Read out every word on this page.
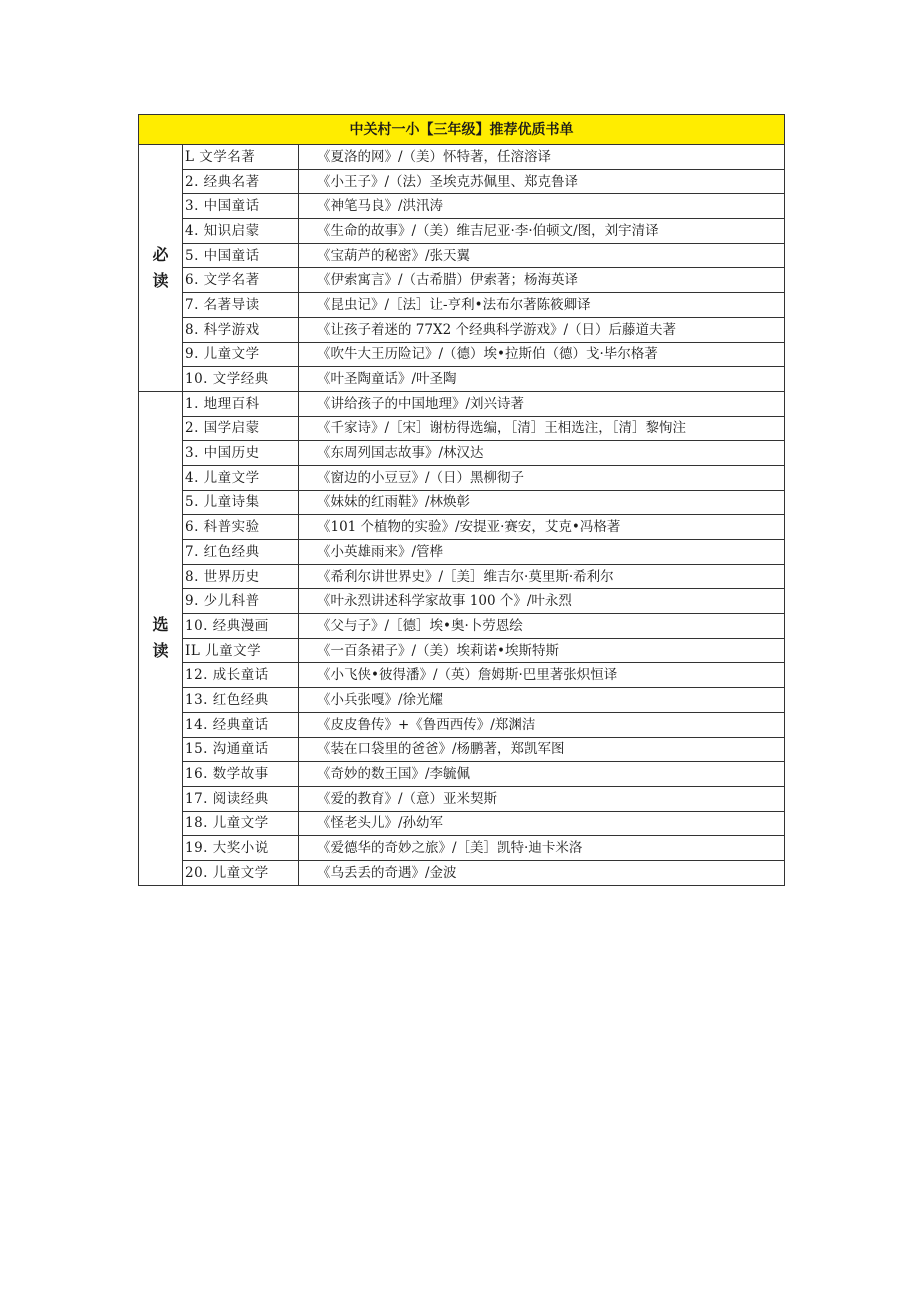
中关村一小【三年级】推荐优质书单		
必读	L 文学名著	《夏洛的网》/（美）怀特著，任溶溶译
	2. 经典名著	《小王子》/（法）圣埃克苏佩里、郑克鲁译
	3. 中国童话	《神笔马良》/洪汛涛
	4. 知识启蒙	《生命的故事》/（美）维吉尼亚·李·伯顿文/图，刘宇清译
	5. 中国童话	《宝葫芦的秘密》/张天翼
	6. 文学名著	《伊索寓言》/（古希腊）伊索著；杨海英译
	7. 名著导读	《昆虫记》/［法］让-亨利•法布尔著陈筱卿译
	8. 科学游戏	《让孩子着迷的 77X2 个经典科学游戏》/（日）后藤道夫著
	9. 儿童文学	《吹牛大王历险记》/（德）埃•拉斯伯（德）戈·毕尔格著
	10. 文学经典	《叶圣陶童话》/叶圣陶
选读	1. 地理百科	《讲给孩子的中国地理》/刘兴诗著
	2. 国学启蒙	《千家诗》/［宋］谢枋得选编，［清］王相选注，［清］黎恂注
	3. 中国历史	《东周列国志故事》/林汉达
	4. 儿童文学	《窗边的小豆豆》/（日）黑柳彻子
	5. 儿童诗集	《妹妹的红雨鞋》/林焕彰
	6. 科普实验	《101 个植物的实验》/安提亚·赛安，艾克•冯格著
	7. 红色经典	《小英雄雨来》/管桦
	8. 世界历史	《希利尔讲世界史》/［美］维吉尔·莫里斯·希利尔
	9. 少儿科普	《叶永烈讲述科学家故事 100 个》/叶永烈
	10. 经典漫画	《父与子》/［德］埃•奥·卜劳恩绘
	IL 儿童文学	《一百条裙子》/（美）埃莉诺•埃斯特斯
	12. 成长童话	《小飞侠•彼得潘》/（英）詹姆斯·巴里著张炽恒译
	13. 红色经典	《小兵张嘎》/徐光耀
	14. 经典童话	《皮皮鲁传》+《鲁西西传》/郑渊洁
	15. 沟通童话	《装在口袋里的爸爸》/杨鹏著，郑凯军图
	16. 数学故事	《奇妙的数王国》/李毓佩
	17. 阅读经典	《爱的教育》/（意）亚米契斯
	18. 儿童文学	《怪老头儿》/孙幼军
	19. 大奖小说	《爱德华的奇妙之旅》/［美］凯特·迪卡米洛
	20. 儿童文学	《乌丢丢的奇遇》/金波
